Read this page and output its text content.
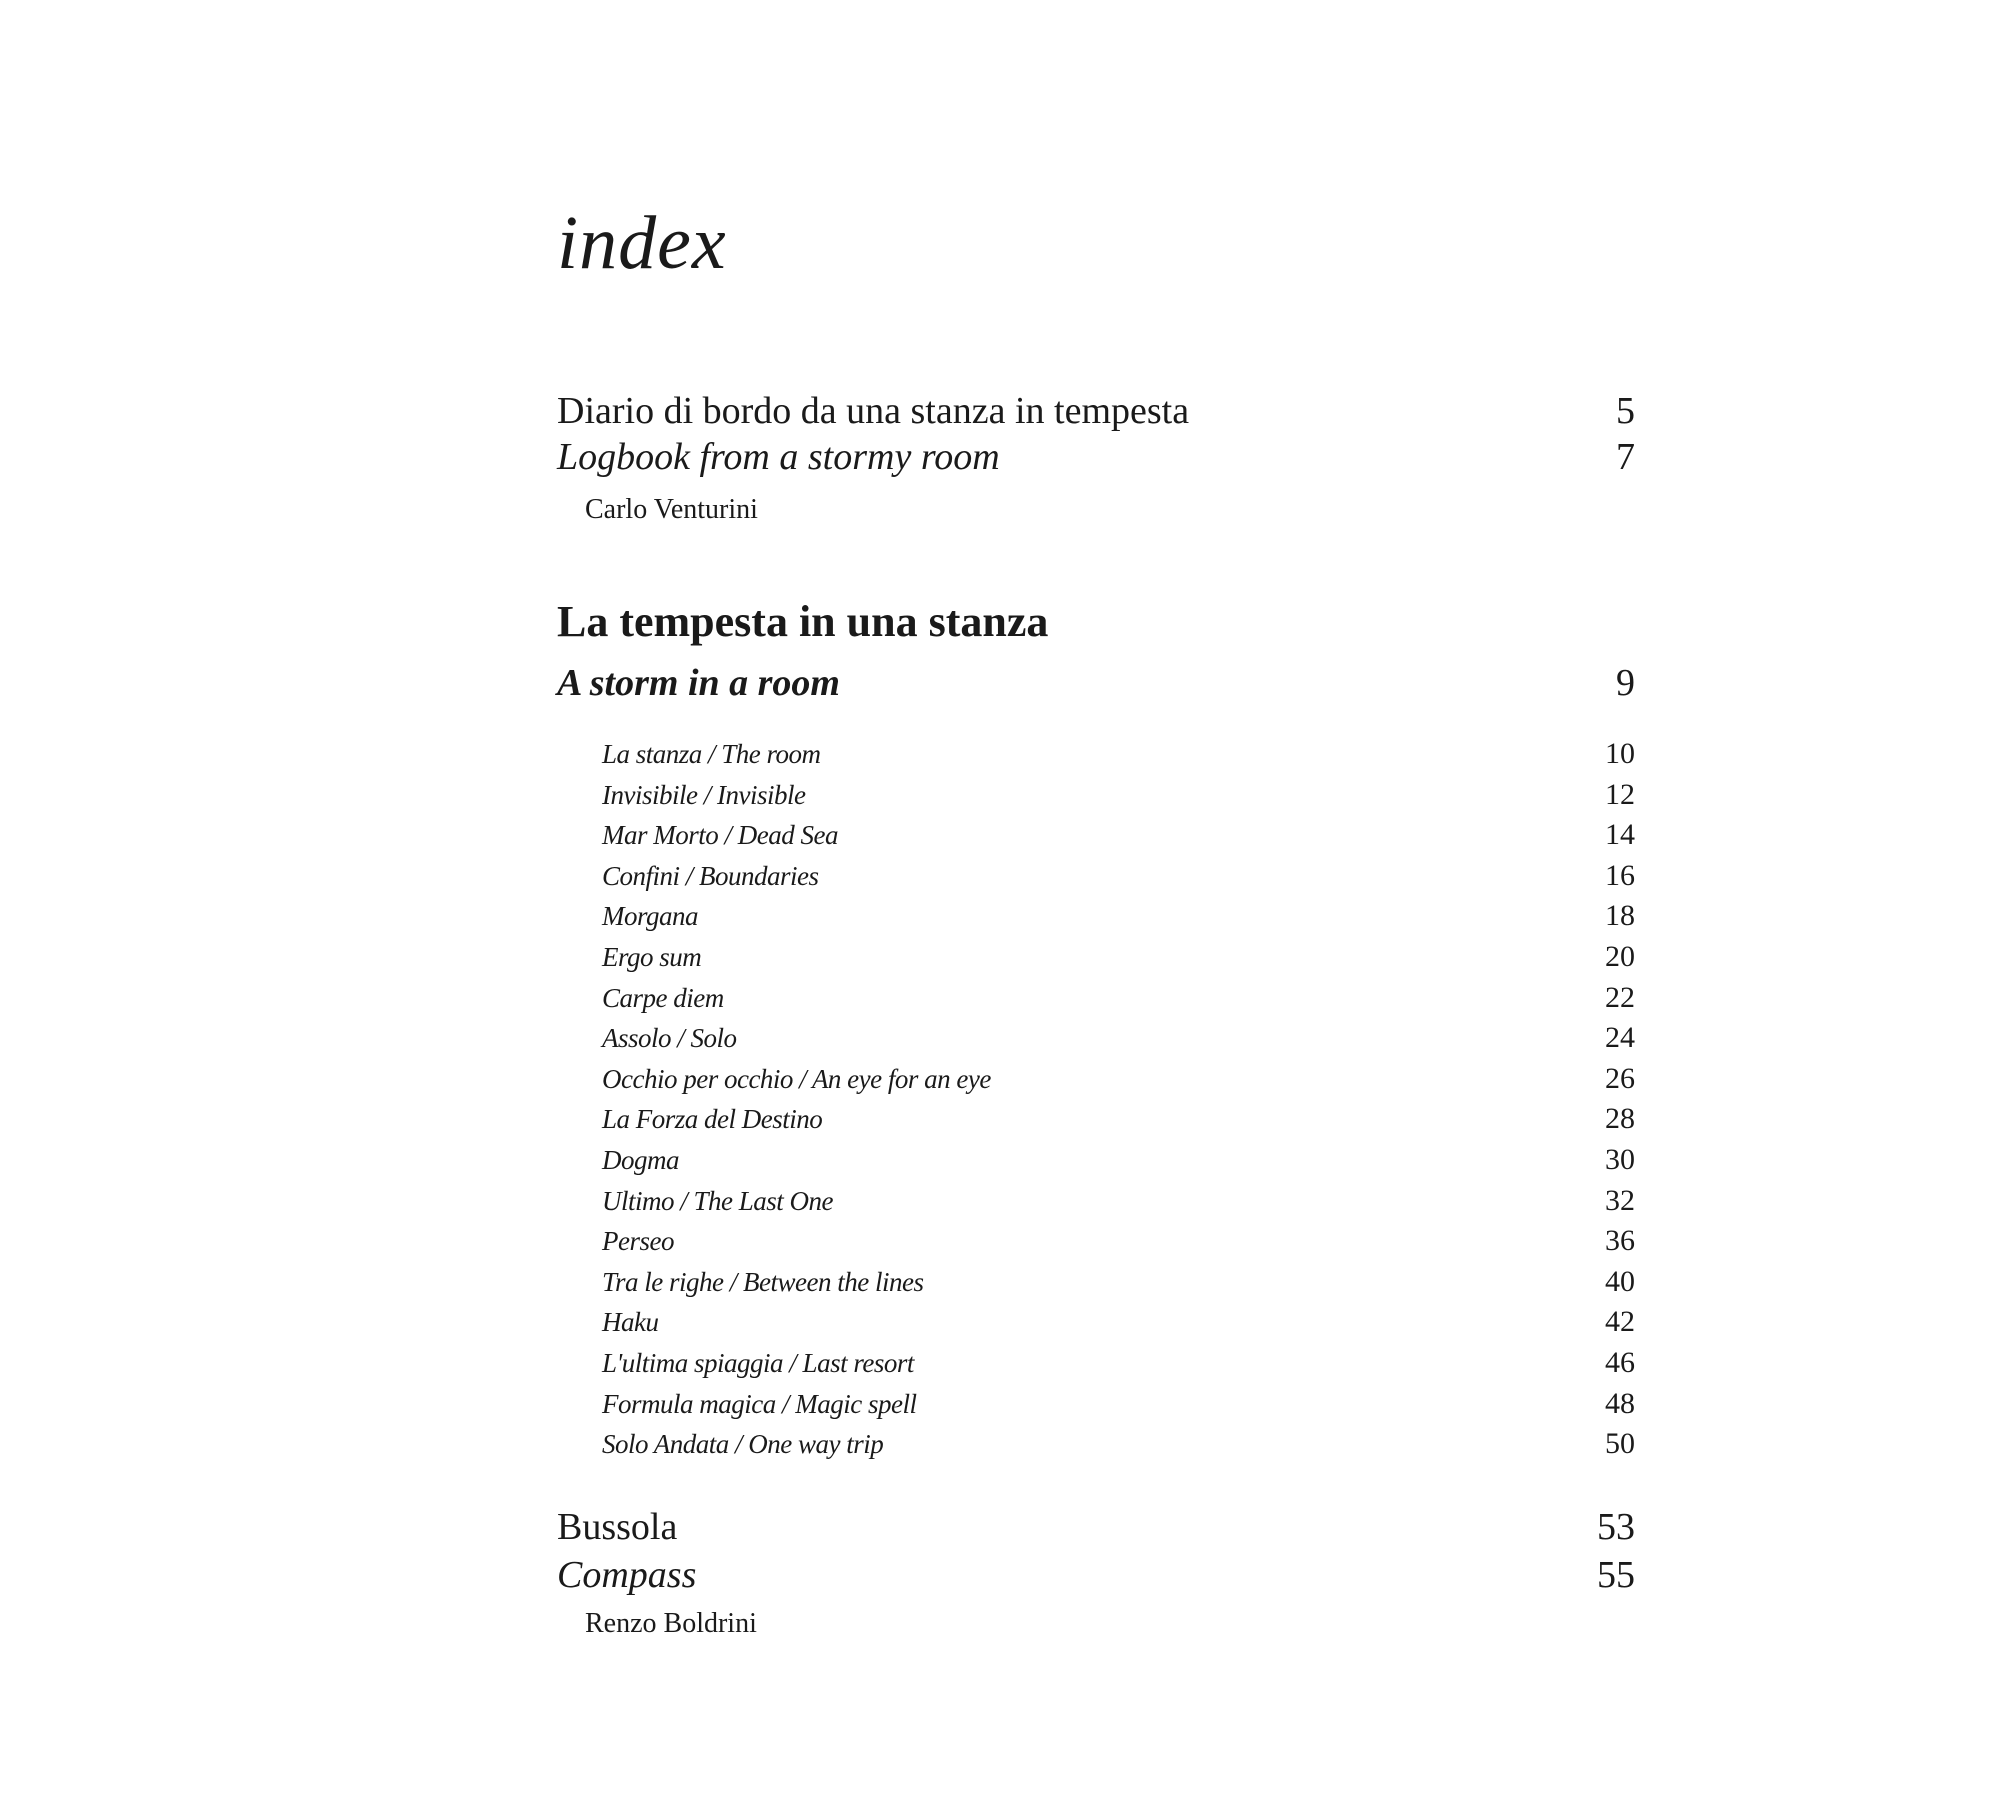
index
Diario di bordo da una stanza in tempesta	5
Logbook from a stormy room	7
Carlo Venturini
La tempesta in una stanza
A storm in a room	9
La stanza / The room	10
Invisibile / Invisible	12
Mar Morto / Dead Sea	14
Confini / Boundaries	16
Morgana	18
Ergo sum	20
Carpe diem	22
Assolo / Solo	24
Occhio per occhio / An eye for an eye	26
La Forza del Destino	28
Dogma	30
Ultimo / The Last One	32
Perseo	36
Tra le righe / Between the lines	40
Haku	42
L'ultima spiaggia / Last resort	46
Formula magica / Magic spell	48
Solo Andata / One way trip	50
Bussola	53
Compass	55
Renzo Boldrini
